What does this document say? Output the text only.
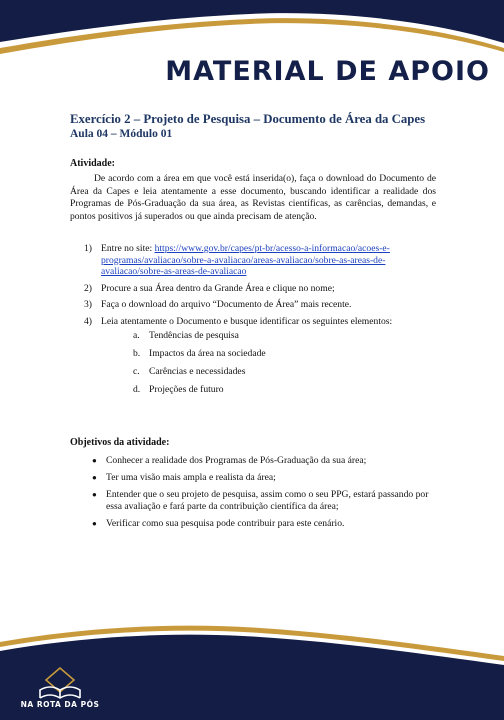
MATERIAL DE APOIO
Exercício 2 – Projeto de Pesquisa – Documento de Área da Capes
Aula 04 – Módulo 01
Atividade:
De acordo com a área em que você está inserida(o), faça o download do Documento de Área da Capes e leia atentamente a esse documento, buscando identificar a realidade dos Programas de Pós-Graduação da sua área, as Revistas científicas, as carências, demandas, e pontos positivos já superados ou que ainda precisam de atenção.
1) Entre no site: https://www.gov.br/capes/pt-br/acesso-a-informacao/acoes-e-programas/avaliacao/sobre-a-avaliacao/areas-avaliacao/sobre-as-areas-de-avaliacao/sobre-as-areas-de-avaliacao
2) Procure a sua Área dentro da Grande Área e clique no nome;
3) Faça o download do arquivo “Documento de Área” mais recente.
4) Leia atentamente o Documento e busque identificar os seguintes elementos:
a. Tendências de pesquisa
b. Impactos da área na sociedade
c. Carências e necessidades
d. Projeções de futuro
Objetivos da atividade:
● Conhecer a realidade dos Programas de Pós-Graduação da sua área;
● Ter uma visão mais ampla e realista da área;
● Entender que o seu projeto de pesquisa, assim como o seu PPG, estará passando por essa avaliação e fará parte da contribuição científica da área;
● Verificar como sua pesquisa pode contribuir para este cenário.
NA ROTA DA PÓS
